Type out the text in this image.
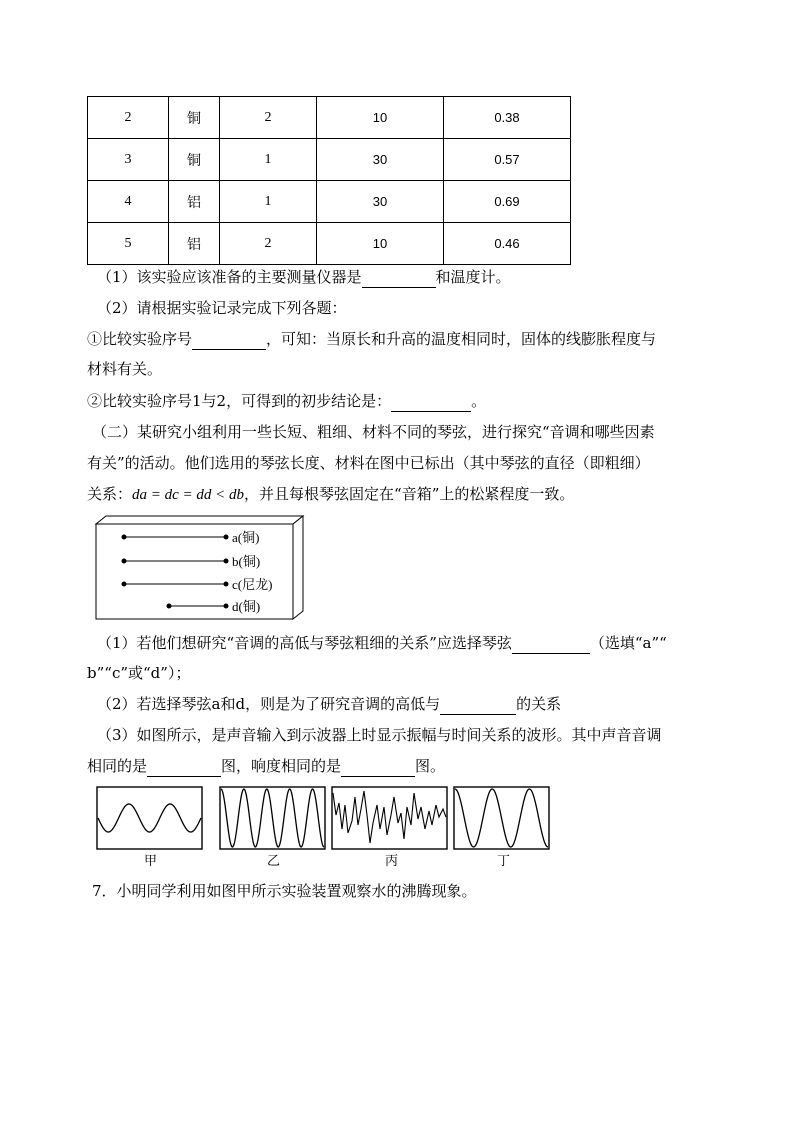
2	铜	2	10	0.38
3	铜	1	30	0.57
4	铝	1	30	0.69
5	铝	2	10	0.46
（1）该实验应该准备的主要测量仪器是	和温度计。
（2）请根据实验记录完成下列各题：
①比较实验序号	，可知：当原长和升高的温度相同时，固体的线膨胀程度与
材料有关。
②比较实验序号1与2，可得到的初步结论是：	。
（二）某研究小组利用一些长短、粗细、材料不同的琴弦，进行探究“音调和哪些因素
有关”的活动。他们选用的琴弦长度、材料在图中已标出（其中琴弦的直径（即粗细）
关系：da = dc = dd < db，并且每根琴弦固定在“音箱”上的松紧程度一致。
a(铜)
b(铜)
c(尼龙)
d(铜)
（1）若他们想研究“音调的高低与琴弦粗细的关系”应选择琴弦	（选填“a”“
b”“c”或“d”）；
（2）若选择琴弦a和d，则是为了研究音调的高低与	的关系
（3）如图所示，是声音输入到示波器上时显示振幅与时间关系的波形。其中声音音调
相同的是	图，响度相同的是	图。
甲	乙	丙	丁
7．小明同学利用如图甲所示实验装置观察水的沸腾现象。
